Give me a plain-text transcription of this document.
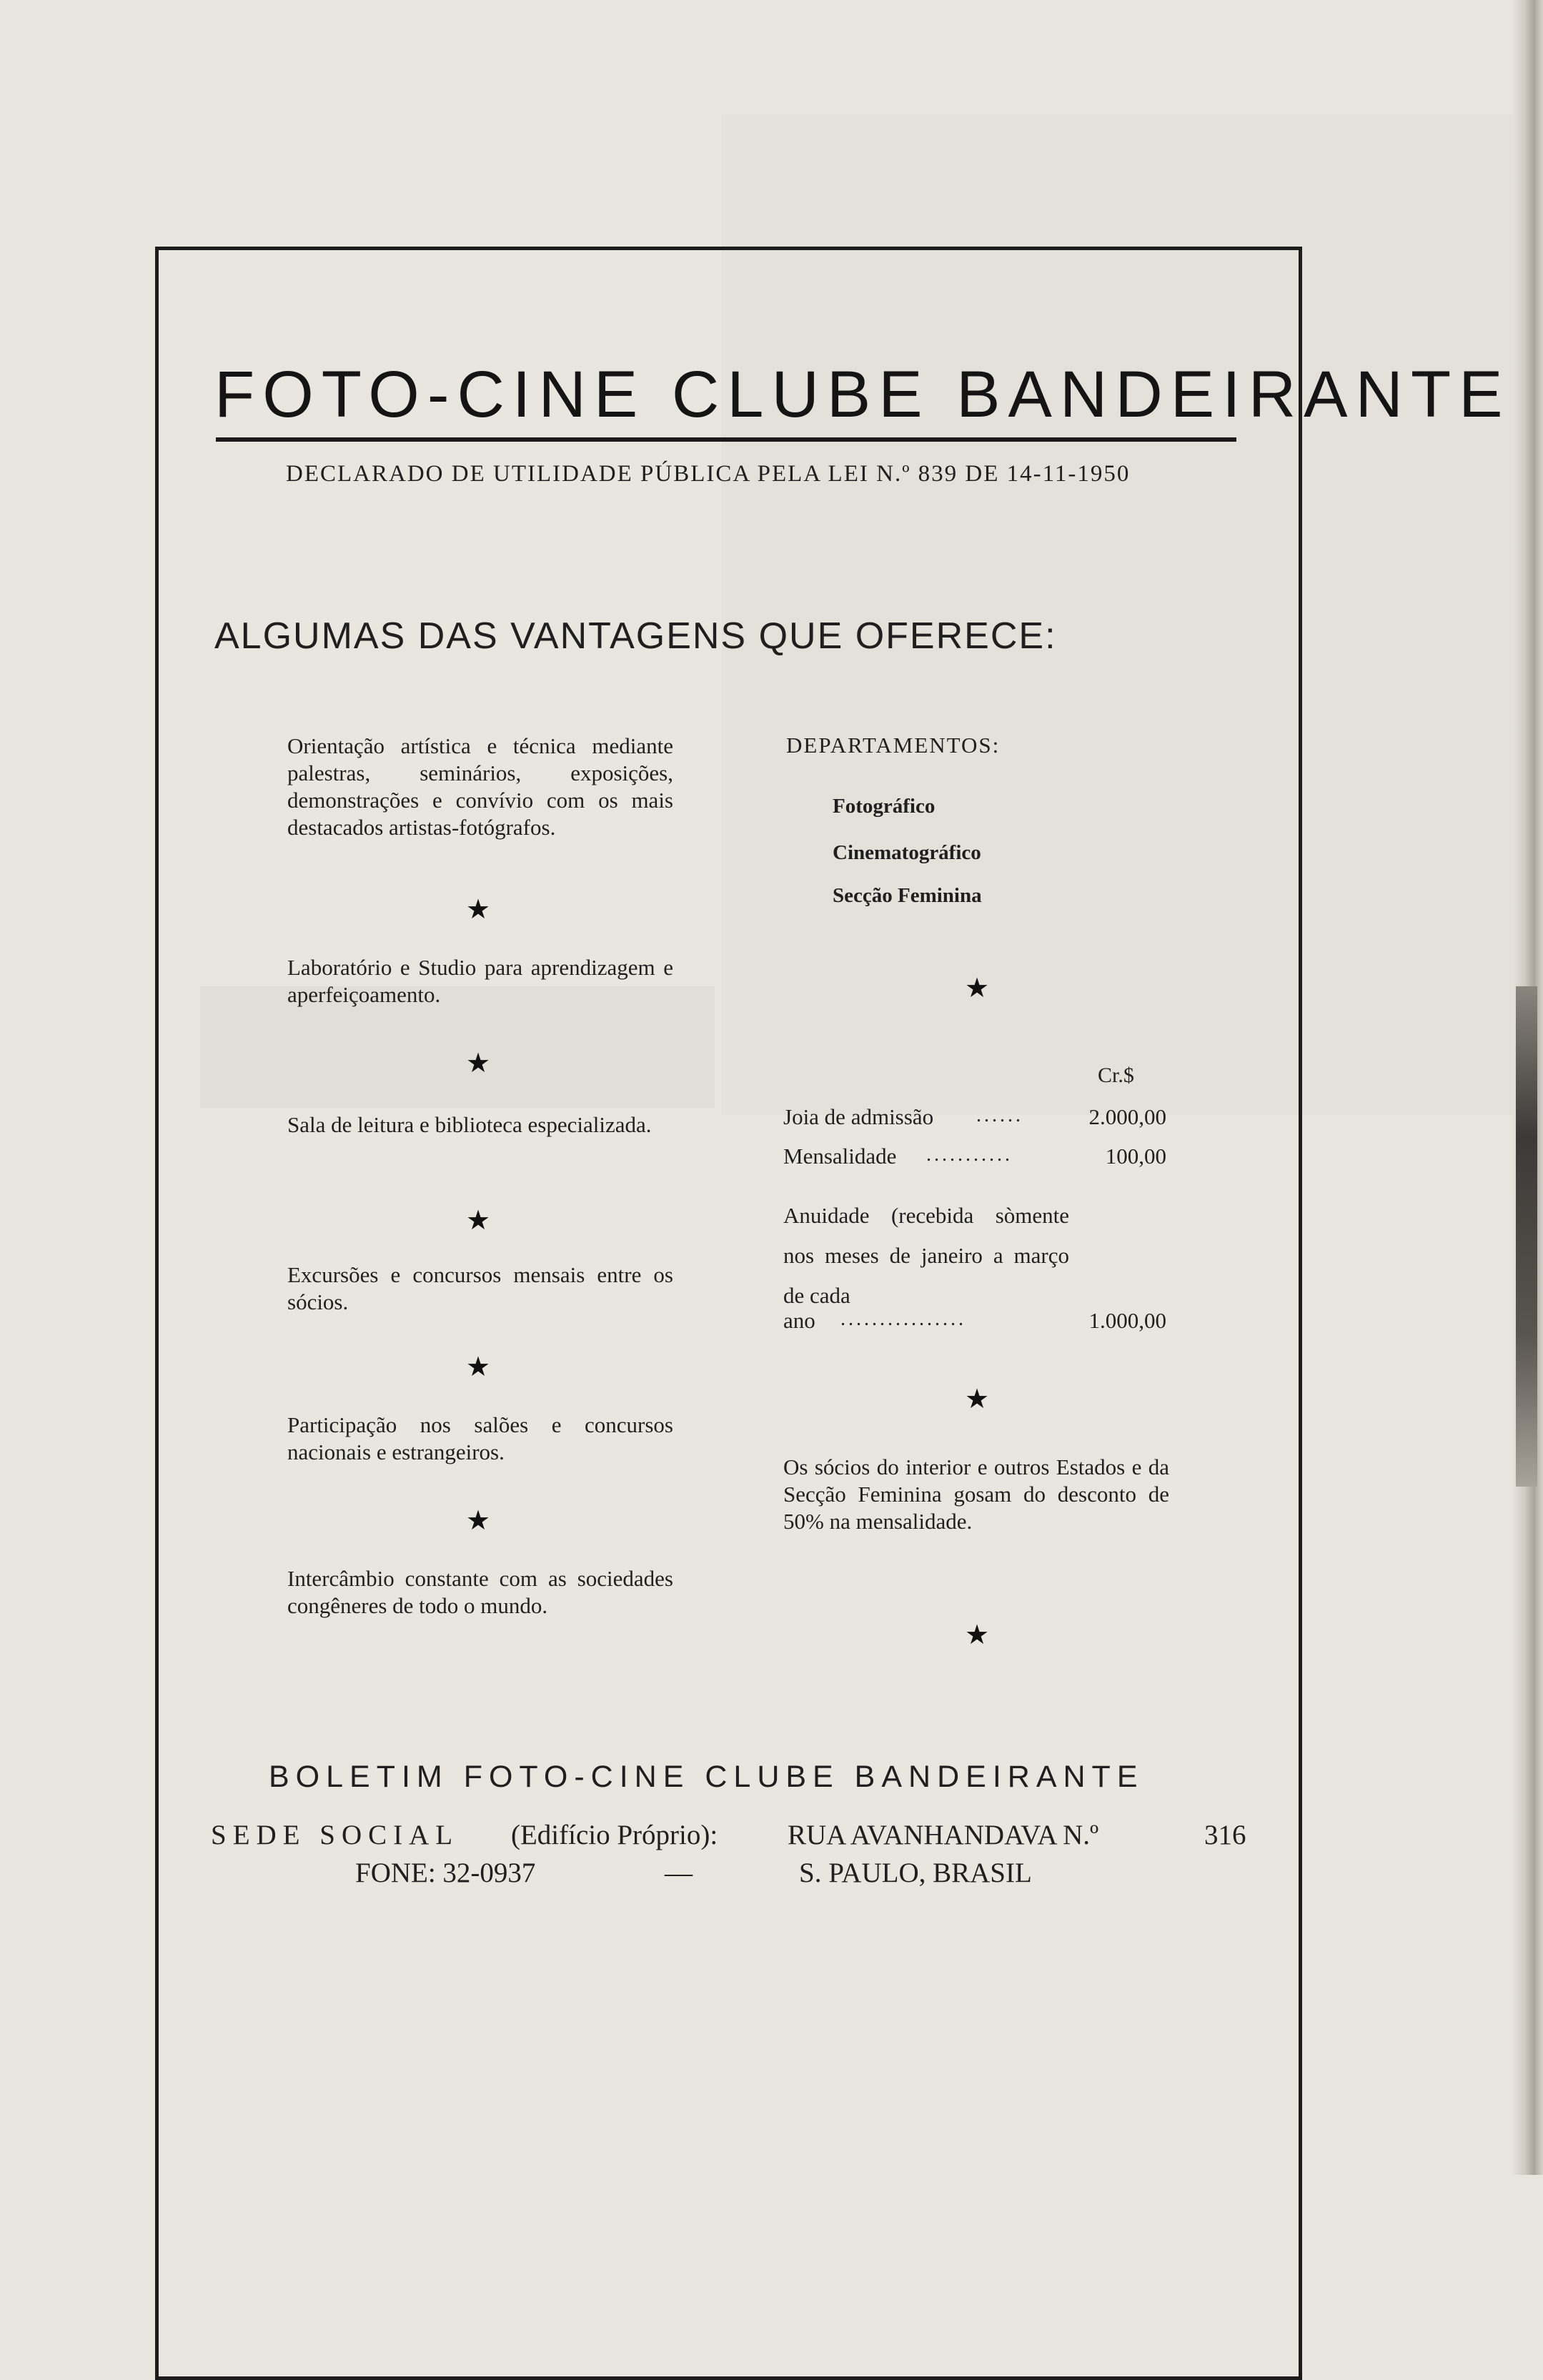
FOTO-CINE CLUBE BANDEIRANTE
DECLARADO DE UTILIDADE PÚBLICA PELA LEI N.º 839 DE 14-11-1950
ALGUMAS DAS VANTAGENS QUE OFERECE:
Orientação artística e técnica mediante palestras, seminários, exposições, demonstrações e convívio com os mais destacados artistas-fotógrafos.
★
Laboratório e Studio para aprendizagem e aperfeiçoamento.
★
Sala de leitura e biblioteca especializada.
★
Excursões e concursos mensais entre os sócios.
★
Participação nos salões e concursos nacionais e estrangeiros.
★
Intercâmbio constante com as sociedades congêneres de todo o mundo.
DEPARTAMENTOS:
Fotográfico
Cinematográfico
Secção Feminina
★
Cr.$
Joia de admissão ......	2.000,00
Mensalidade ...........	100,00
Anuidade (recebida sòmente nos meses de janeiro a março de cada
ano ................	1.000,00
★
Os sócios do interior e outros Estados e da Secção Feminina gosam do desconto de 50% na mensalidade.
★
BOLETIM FOTO-CINE CLUBE BANDEIRANTE
SEDE SOCIAL (Edifício Próprio):	RUA AVANHANDAVA N.º	316
FONE: 32-0937	—	S. PAULO, BRASIL
